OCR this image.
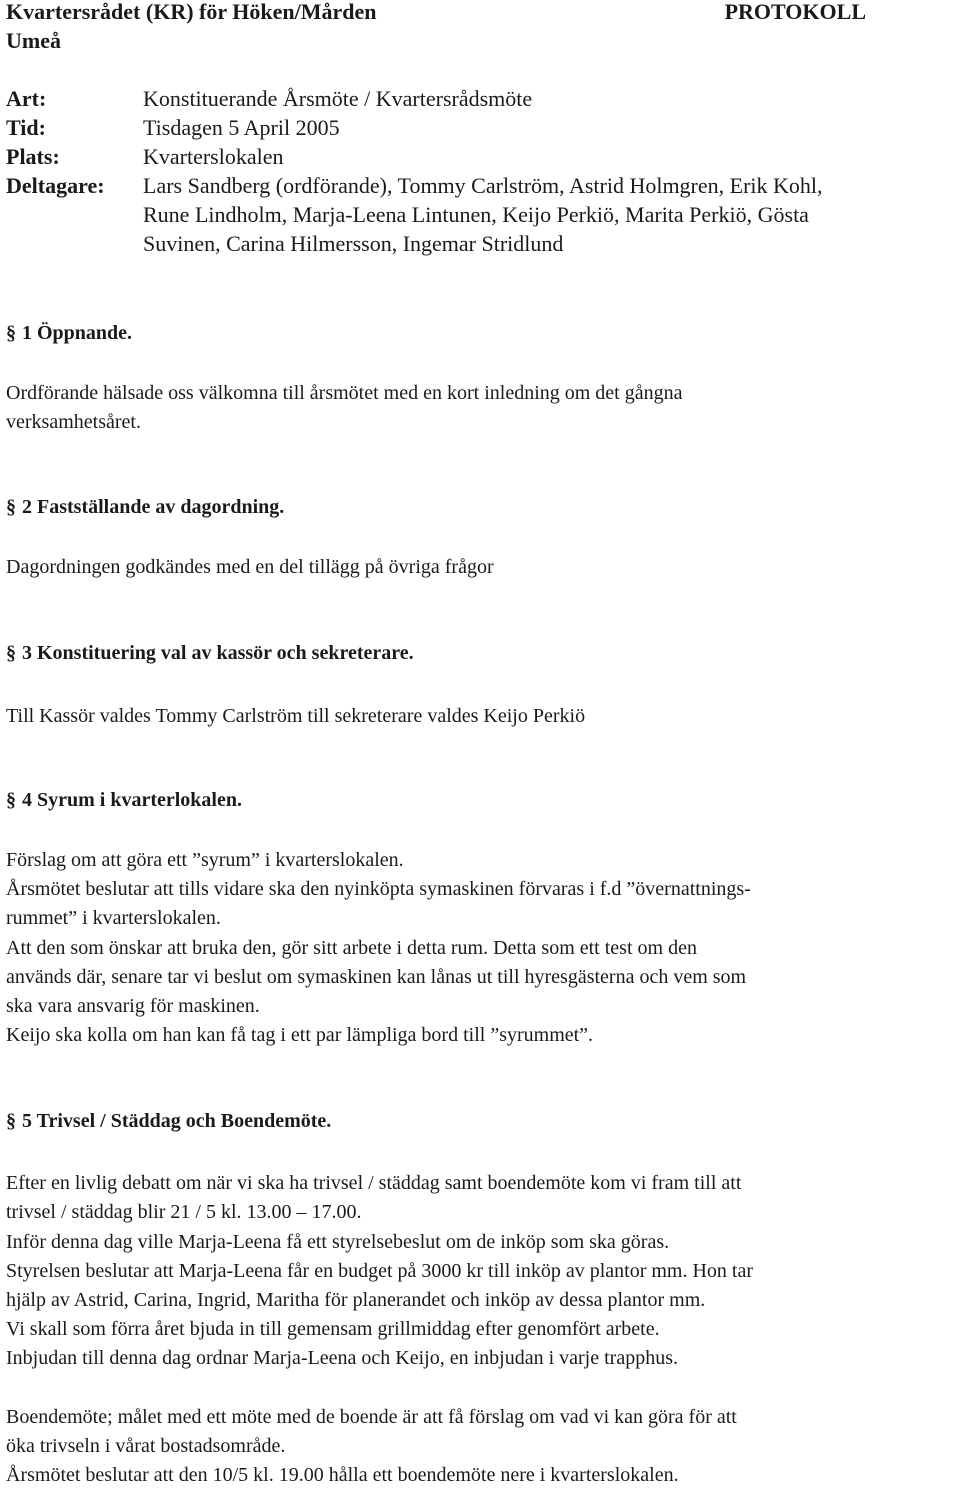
Kvartersrådet (KR) för Höken/Mården
Umeå
PROTOKOLL
Art:	Konstituerande Årsmöte / Kvartersrådsmöte
Tid:	Tisdagen 5 April 2005
Plats:	Kvarterslokalen
Deltagare: Lars Sandberg (ordförande), Tommy Carlström, Astrid Holmgren, Erik Kohl,
Rune Lindholm, Marja-Leena Lintunen, Keijo Perkiö, Marita Perkiö, Gösta
Suvinen, Carina Hilmersson, Ingemar Stridlund
§ 1 Öppnande.
Ordförande hälsade oss välkomna till årsmötet med en kort inledning om det gångna
verksamhetsåret.
§ 2 Fastställande av dagordning.
Dagordningen godkändes med en del tillägg på övriga frågor
§ 3 Konstituering val av kassör och sekreterare.
Till Kassör valdes Tommy Carlström till sekreterare valdes Keijo Perkiö
§ 4 Syrum i kvarterlokalen.
Förslag om att göra ett ”syrum” i kvarterslokalen.
Årsmötet beslutar att tills vidare ska den nyinköpta symaskinen förvaras i f.d ”övernattnings-
rummet” i kvarterslokalen.
Att den som önskar att bruka den, gör sitt arbete i detta rum. Detta som ett test om den
används där, senare tar vi beslut om symaskinen kan lånas ut till hyresgästerna och vem som
ska vara ansvarig för maskinen.
Keijo ska kolla om han kan få tag i ett par lämpliga bord till ”syrummet”.
§ 5 Trivsel / Städdag och Boendemöte.
Efter en livlig debatt om när vi ska ha trivsel / städdag samt boendemöte kom vi fram till att
trivsel / städdag blir 21 / 5 kl. 13.00 – 17.00.
Inför denna dag ville Marja-Leena få ett styrelsebeslut om de inköp som ska göras.
Styrelsen beslutar att Marja-Leena får en budget på 3000 kr till inköp av plantor mm. Hon tar
hjälp av Astrid, Carina, Ingrid, Maritha för planerandet och inköp av dessa plantor mm.
Vi skall som förra året bjuda in till gemensam grillmiddag efter genomfört arbete.
Inbjudan till denna dag ordnar Marja-Leena och Keijo, en inbjudan i varje trapphus.
Boendemöte; målet med ett möte med de boende är att få förslag om vad vi kan göra för att
öka trivseln i vårat bostadsområde.
Årsmötet beslutar att den 10/5 kl. 19.00 hålla ett boendemöte nere i kvarterslokalen.
